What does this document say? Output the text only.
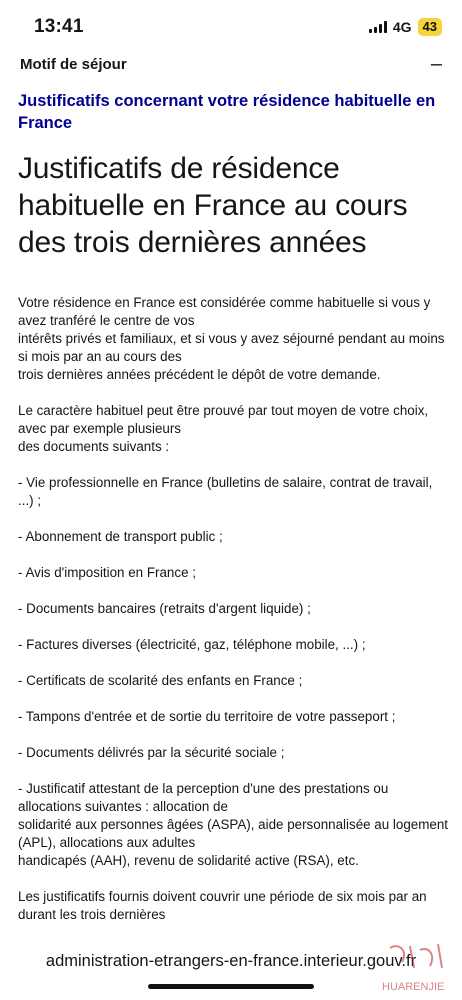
13:41	4G 43
Motif de séjour	–
Justificatifs concernant votre résidence habituelle en France
Justificatifs de résidence habituelle en France au cours des trois dernières années

Votre résidence en France est considérée comme habituelle si vous y avez tranféré le centre de vos

intérêts privés et familiaux, et si vous y avez séjourné pendant au moins si mois par an au cours des

trois dernières années précédent le dépôt de votre demande.

Le caractère habituel peut être prouvé par tout moyen de votre choix, avec par exemple plusieurs

des documents suivants :

- Vie professionnelle en France (bulletins de salaire, contrat de travail, ...) ;

- Abonnement de transport public ;

- Avis d'imposition en France ;

- Documents bancaires (retraits d'argent liquide) ;

- Factures diverses (électricité, gaz, téléphone mobile, ...) ;

- Certificats de scolarité des enfants en France ;

- Tampons d'entrée et de sortie du territoire de votre passeport ;

- Documents délivrés par la sécurité sociale ;

- Justificatif attestant de la perception d'une des prestations ou allocations suivantes : allocation de

solidarité aux personnes âgées (ASPA), aide personnalisée au logement (APL), allocations aux adultes

handicapés (AAH), revenu de solidarité active (RSA), etc.

Les justificatifs fournis doivent couvrir une période de six mois par an durant les trois dernières

administration-etrangers-en-france.interieur.gouv.fr
HUARENJIE
